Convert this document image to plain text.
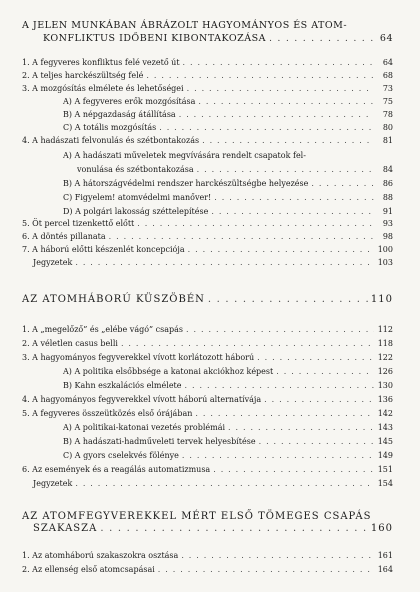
A JELEN MUNKÁBAN ÁBRÁZOLT HAGYOMÁNYOS ÉS ATOM-
KONFLIKTUS IDŐBENI KIBONTAKOZÁSA . . .	64
1. A fegyveres konfliktus felé vezető út . . .	64
2. A teljes harckészültség felé . . .	68
3. A mozgósítás elmélete és lehetőségei . . .	73
A) A fegyveres erők mozgósítása . . .	75
B) A népgazdaság átállítása . . .	78
C) A totális mozgósítás . . .	80
4. A hadászati felvonulás és szétbontakozás . . .	81
A) A hadászati műveletek megvívására rendelt csapatok fel-
vonulása és szétbontakozása . . .	84
B) A hátországvédelmi rendszer harckészültségbe helyezése . . .	86
C) Figyelem! atomvédelmi manőver! . . .	88
D) A polgári lakosság széttelepítése . . .	91
5. Öt percel tizenkettő előtt . . .	93
6. A döntés pillanata . . .	98
7. A háború előtti készenlét koncepciója . . .	100
Jegyzetek . . .	103
AZ ATOMHÁBORÚ KÜSZÖBÉN . . .	110
1. A „megelőző” és „elébe vágó” csapás . . .	112
2. A véletlen casus belli . . .	118
3. A hagyományos fegyverekkel vívott korlátozott háború . . .	122
A) A politika elsőbbsége a katonai akciókhoz képest . . .	126
B) Kahn eszkalációs elmélete . . .	130
4. A hagyományos fegyverekkel vívott háború alternatívája . . .	136
5. A fegyveres összeütközés első órájában . . .	142
A) A politikai-katonai vezetés problémái . . .	143
B) A hadászati-hadműveleti tervek helyesbítése . . .	145
C) A gyors cselekvés fölénye . . .	149
6. Az események és a reagálás automatizmusa . . .	151
Jegyzetek . . .	154
AZ ATOMFEGYVEREKKEL MÉRT ELSŐ TÖMEGES CSAPÁS
SZAKASZA . . .	160
1. Az atomháború szakaszokra osztása . . .	161
2. Az ellenség első atomcsapásai . . .	164
